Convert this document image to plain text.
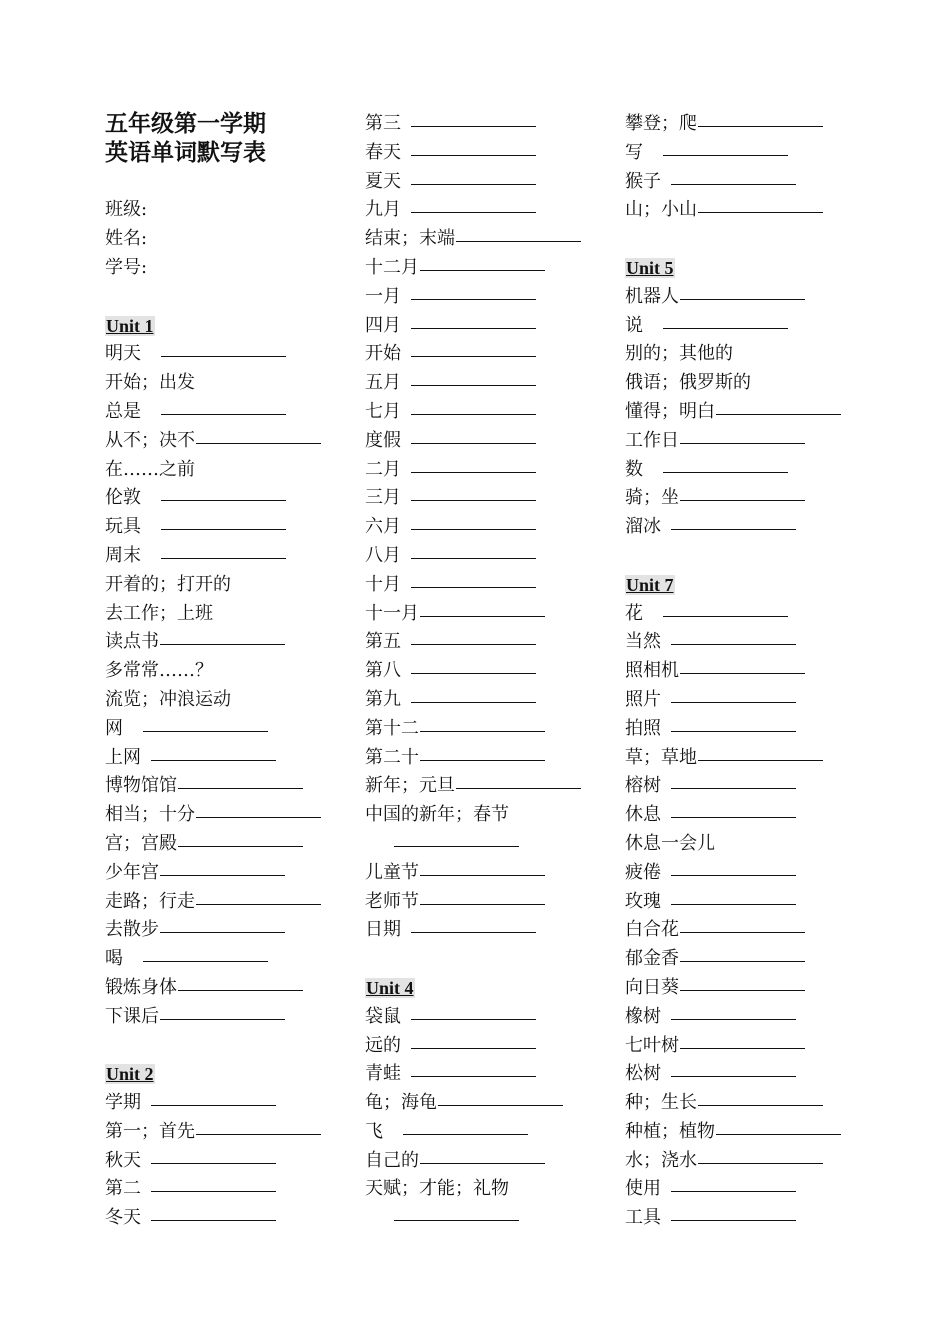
五年级第一学期
英语单词默写表
班级:
姓名:
学号:
Unit 1
明天
开始；出发
总是
从不；决不
在……之前
伦敦
玩具
周末
开着的；打开的
去工作；上班
读点书
多常常……？
流览；冲浪运动
网
上网
博物馆馆
相当；十分
宫；宫殿
少年宫
走路；行走
去散步
喝
锻炼身体
下课后
Unit 2
学期
第一；首先
秋天
第二
冬天
第三
春天
夏天
九月
结束；末端
十二月
一月
四月
开始
五月
七月
度假
二月
三月
六月
八月
十月
十一月
第五
第八
第九
第十二
第二十
新年；元旦
中国的新年；春节
儿童节
老师节
日期
Unit 4
袋鼠
远的
青蛙
龟；海龟
飞
自己的
天赋；才能；礼物
攀登；爬
写
猴子
山；小山
Unit 5
机器人
说
别的；其他的
俄语；俄罗斯的
懂得；明白
工作日
数
骑；坐
溜冰
Unit 7
花
当然
照相机
照片
拍照
草；草地
榕树
休息
休息一会儿
疲倦
玫瑰
白合花
郁金香
向日葵
橡树
七叶树
松树
种；生长
种植；植物
水；浇水
使用
工具
